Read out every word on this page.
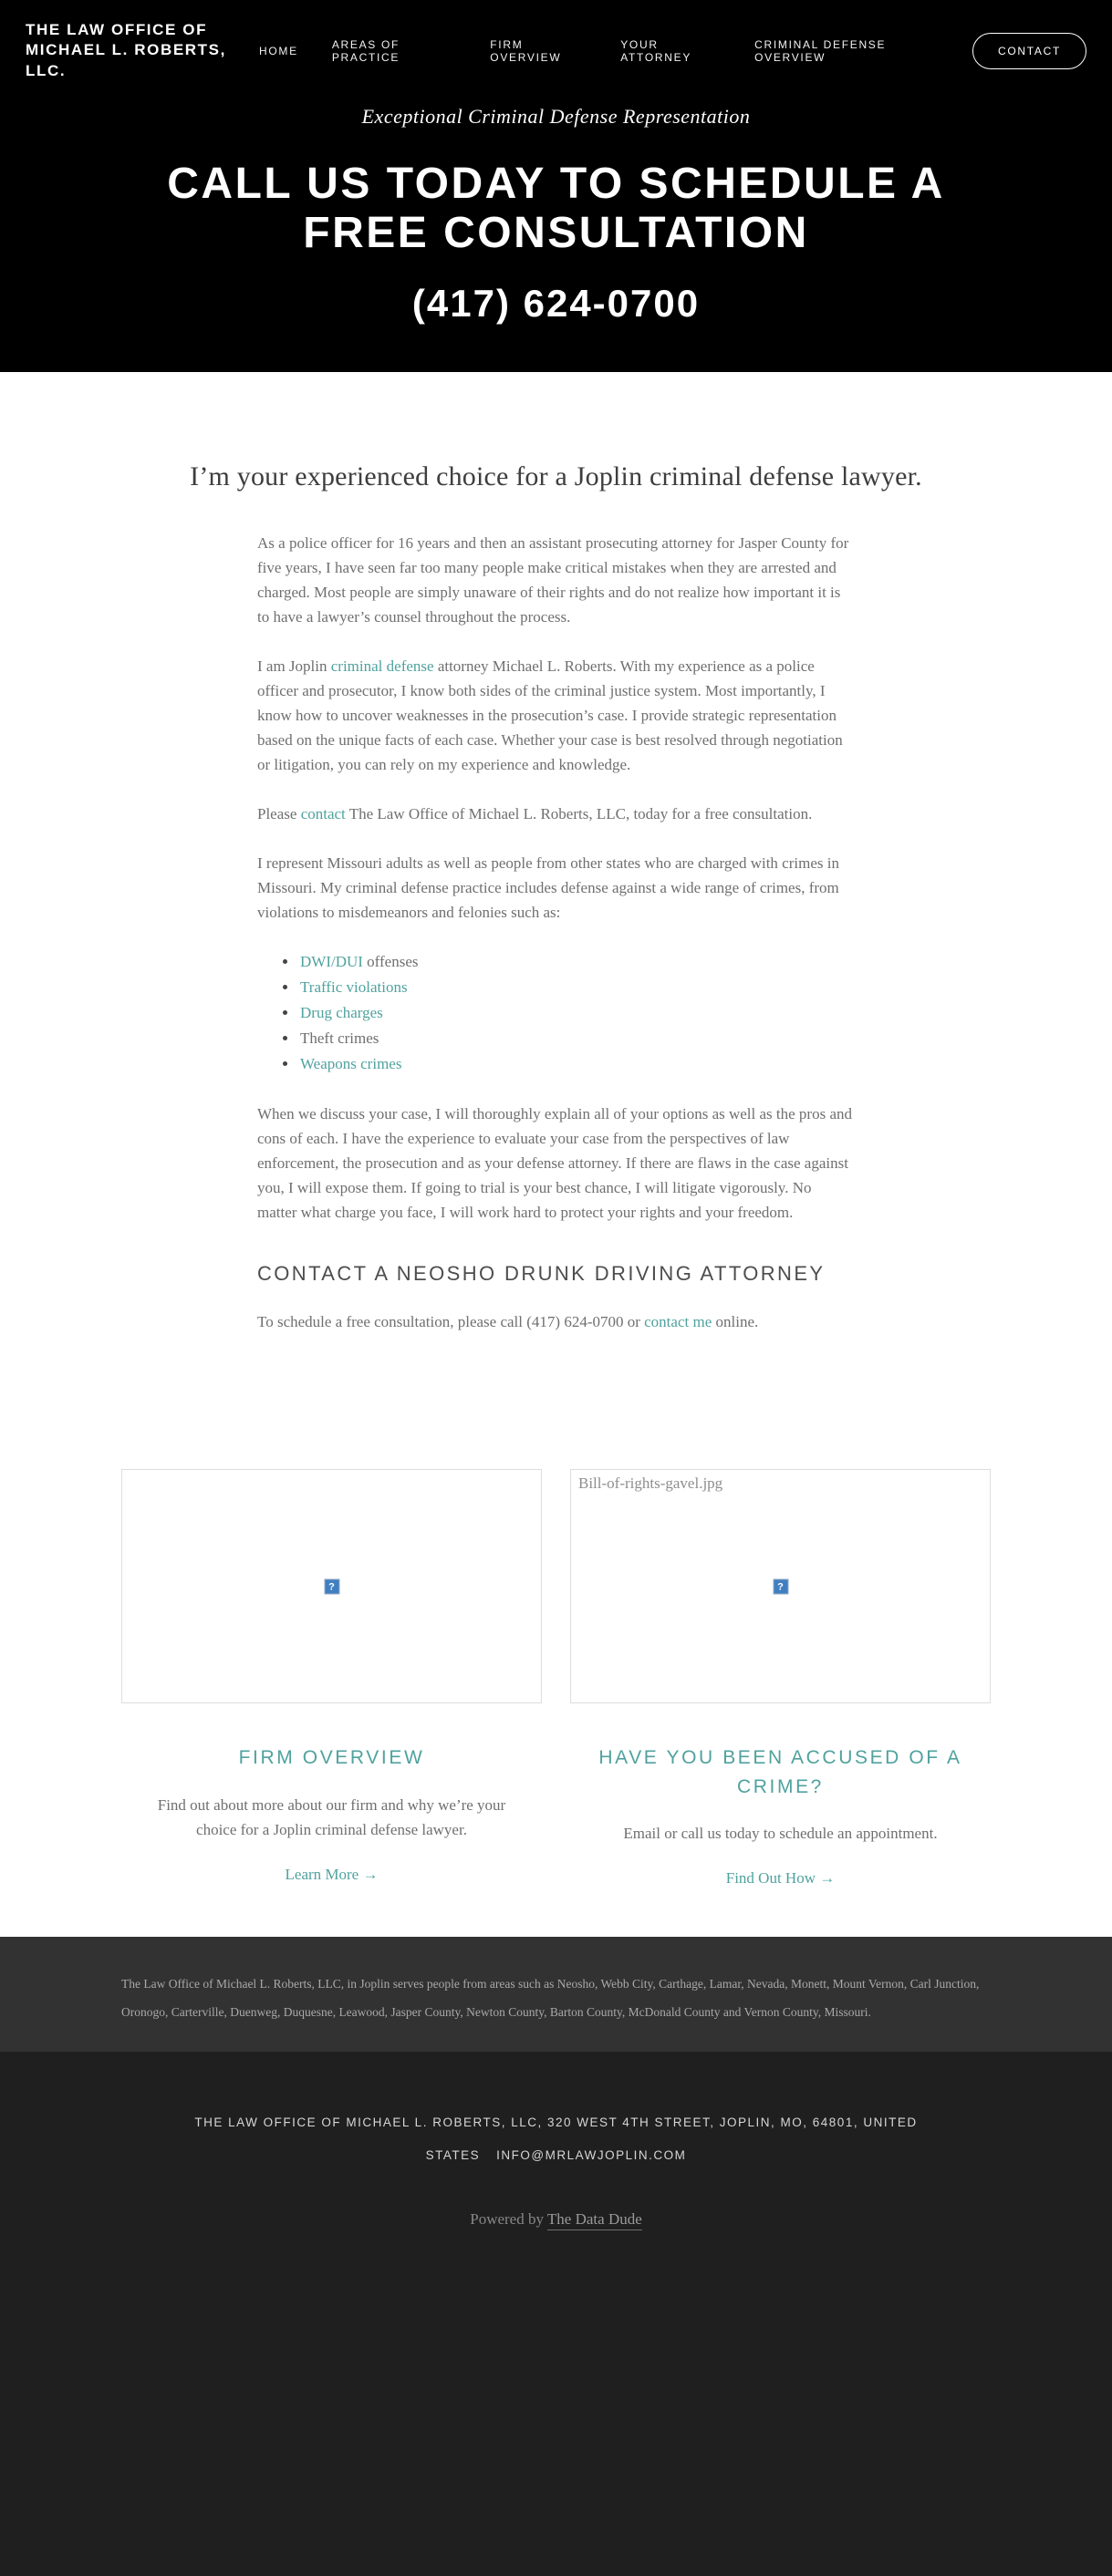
THE LAW OFFICE OF MICHAEL L. ROBERTS, LLC.
HOME	AREAS OF PRACTICE
FIRM OVERVIEW
YOUR ATTORNEY
CRIMINAL DEFENSE OVERVIEW	CONTACT
Exceptional Criminal Defense Representation
CALL US TODAY TO SCHEDULE A FREE CONSULTATION
(417) 624-0700
I’m your experienced choice for a Joplin criminal defense lawyer.

As a police officer for 16 years and then an assistant prosecuting attorney for Jasper County for five years, I have seen far too many people make critical mistakes when they are arrested and charged. Most people are simply unaware of their rights and do not realize how important it is to have a lawyer’s counsel throughout the process.

I am Joplin criminal defense attorney Michael L. Roberts. With my experience as a police officer and prosecutor, I know both sides of the criminal justice system. Most importantly, I know how to uncover weaknesses in the prosecution’s case. I provide strategic representation based on the unique facts of each case. Whether your case is best resolved through negotiation or litigation, you can rely on my experience and knowledge.

Please contact The Law Office of Michael L. Roberts, LLC, today for a free consultation.

I represent Missouri adults as well as people from other states who are charged with crimes in Missouri. My criminal defense practice includes defense against a wide range of crimes, from violations to misdemeanors and felonies such as:

• DWI/DUI offenses
• Traffic violations
• Drug charges
• Theft crimes
• Weapons crimes

When we discuss your case, I will thoroughly explain all of your options as well as the pros and cons of each. I have the experience to evaluate your case from the perspectives of law enforcement, the prosecution and as your defense attorney. If there are flaws in the case against you, I will expose them. If going to trial is your best chance, I will litigate vigorously. No matter what charge you face, I will work hard to protect your rights and your freedom.

CONTACT A NEOSHO DRUNK DRIVING ATTORNEY

To schedule a free consultation, please call (417) 624-0700 or contact me online.

?
FIRM OVERVIEW

Find out about more about our firm and why we’re your choice for a Joplin criminal defense lawyer.

Learn More →
Bill-of-rights-gavel.jpg
?
HAVE YOU BEEN ACCUSED OF A CRIME?

Email or call us today to schedule an appointment.

Find Out How →

The Law Office of Michael L. Roberts, LLC, in Joplin serves people from areas such as Neosho, Webb City, Carthage, Lamar, Nevada, Monett, Mount Vernon, Carl Junction, Oronogo, Carterville, Duenweg, Duquesne, Leawood, Jasper County, Newton County, Barton County, McDonald County and Vernon County, Missouri.

THE LAW OFFICE OF MICHAEL L. ROBERTS, LLC, 320 WEST 4TH STREET, JOPLIN, MO, 64801, UNITED STATES INFO@MRLAWJOPLIN.COM
Powered by The Data Dude
